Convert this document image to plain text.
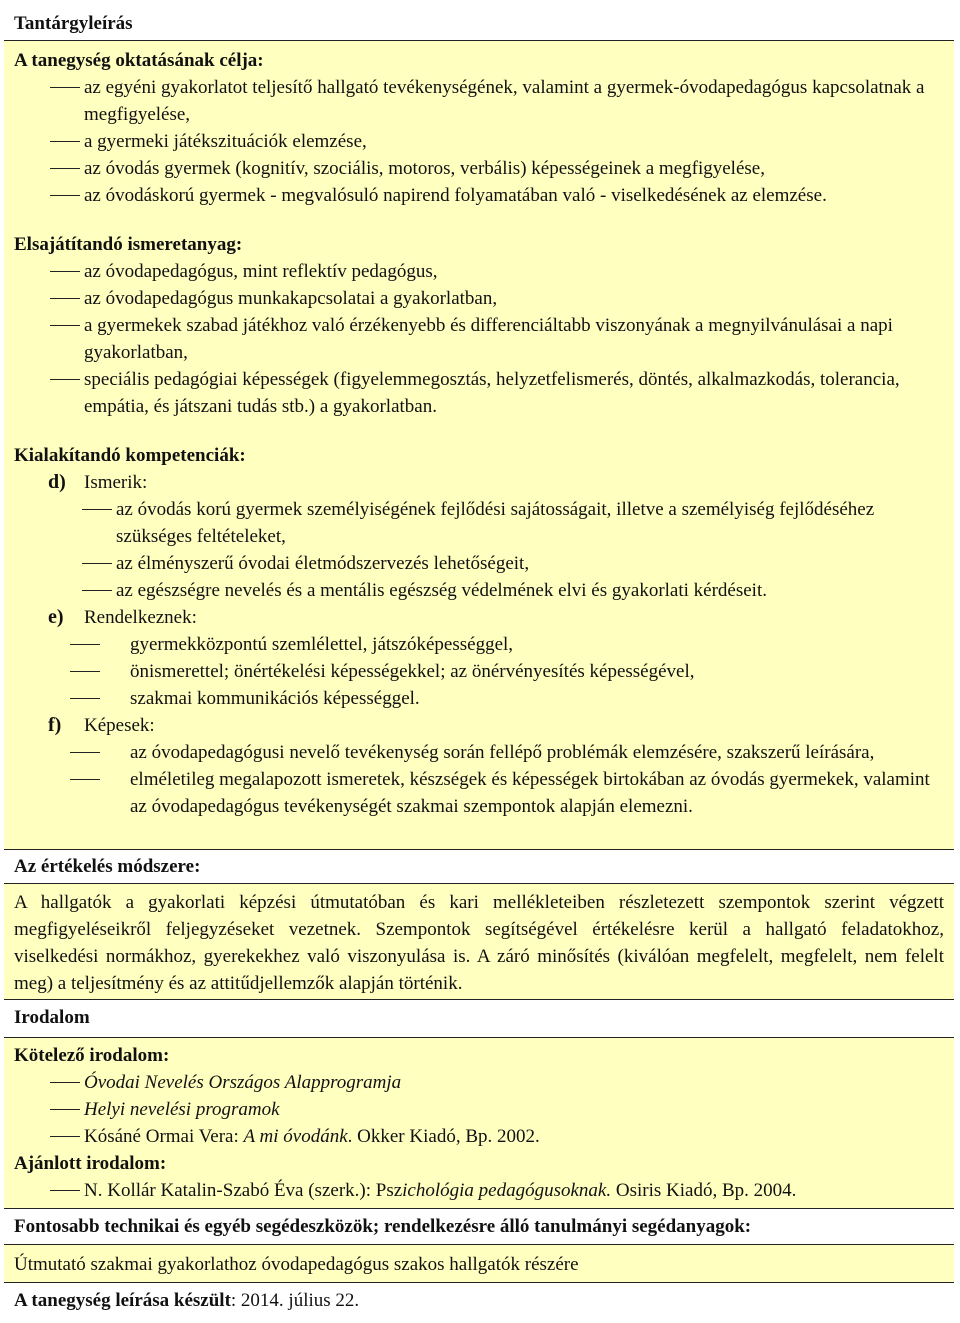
Tantárgyleírás

A tanegység oktatásának célja:

az egyéni gyakorlatot teljesítő hallgató tevékenységének, valamint a gyermek-óvodapedagógus kapcsolatnak a megfigyelése,
a gyermeki játékszituációk elemzése,
az óvodás gyermek (kognitív, szociális, motoros, verbális) képességeinek a megfigyelése,
az óvodáskorú gyermek - megvalósuló napirend folyamatában való - viselkedésének az elemzése.

Elsajátítandó ismeretanyag:

az óvodapedagógus, mint reflektív pedagógus,
az óvodapedagógus munkakapcsolatai a gyakorlatban,
a gyermekek szabad játékhoz való érzékenyebb és differenciáltabb viszonyának a megnyilvánulásai a napi gyakorlatban,
speciális pedagógiai képességek (figyelemmegosztás, helyzetfelismerés, döntés, alkalmazkodás, tolerancia, empátia, és játszani tudás stb.) a gyakorlatban.

Kialakítandó kompetenciák:

d) Ismerik:

az óvodás korú gyermek személyiségének fejlődési sajátosságait, illetve a személyiség fejlődéséhez szükséges feltételeket,
az élményszerű óvodai életmódszervezés lehetőségeit,
az egészségre nevelés és a mentális egészség védelmének elvi és gyakorlati kérdéseit.
e)	Rendelkeznek:

gyermekközpontú szemlélettel, játszóképességgel,
önismerettel; önértékelési képességekkel; az önérvényesítés képességével,
szakmai kommunikációs képességgel.
f)	Képesek:

az óvodapedagógusi nevelő tevékenység során fellépő problémák elemzésére, szakszerű leírására,
elméletileg megalapozott ismeretek, készségek és képességek birtokában az óvodás gyermekek, valamint az óvodapedagógus tevékenységét szakmai szempontok alapján elemezni.

Az értékelés módszere:

A hallgatók a gyakorlati képzési útmutatóban és kari mellékleteiben részletezett szempontok szerint végzett megfigyeléseikről feljegyzéseket vezetnek. Szempontok segítségével értékelésre kerül a hallgató feladatokhoz, viselkedési normákhoz, gyerekekhez való viszonyulása is. A záró minősítés (kiválóan megfelelt, megfelelt, nem felelt meg) a teljesítmény és az attitűdjellemzők alapján történik.

Irodalom

Kötelező irodalom:

Óvodai Nevelés Országos Alapprogramja
Helyi nevelési programok
Kósáné Ormai Vera: A mi óvodánk. Okker Kiadó, Bp. 2002.

Ajánlott irodalom:

N. Kollár Katalin-Szabó Éva (szerk.): Pszichológia pedagógusoknak. Osiris Kiadó, Bp. 2004.

Fontosabb technikai és egyéb segédeszközök; rendelkezésre álló tanulmányi segédanyagok:

Útmutató szakmai gyakorlathoz óvodapedagógus szakos hallgatók részére

A tanegység leírása készült: 2014. július 22.
